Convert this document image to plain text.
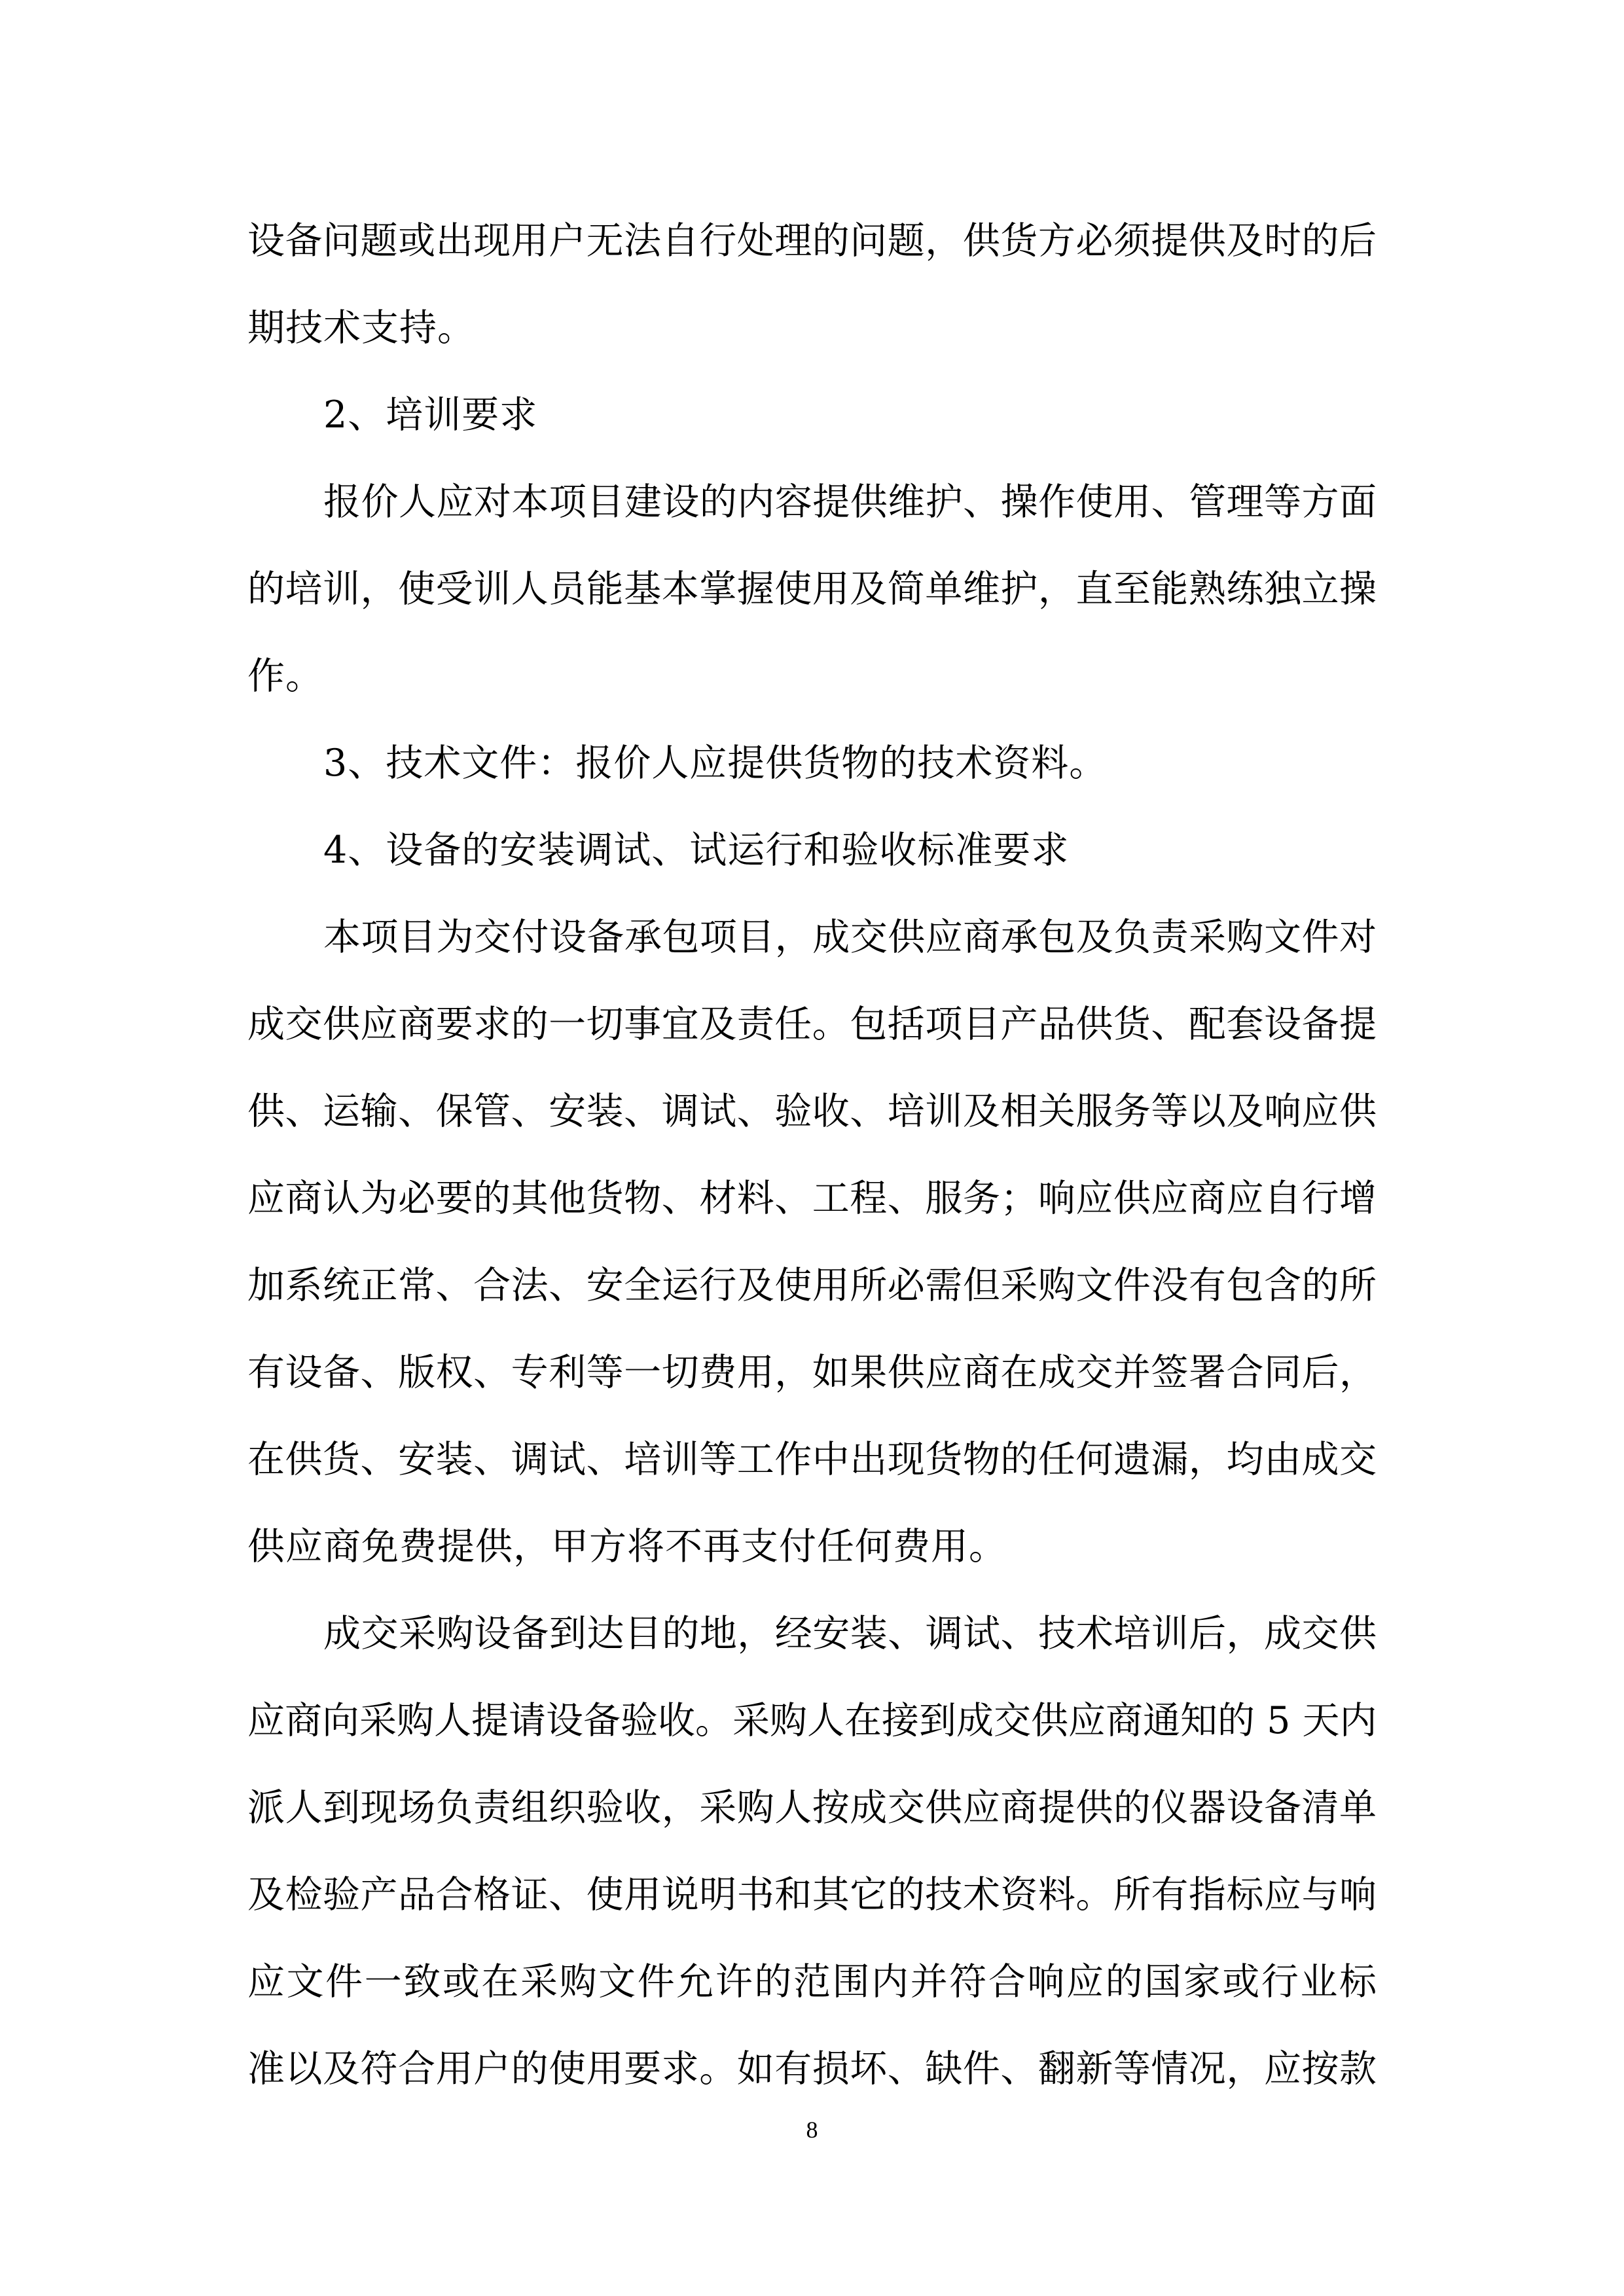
设备问题或出现用户无法自行处理的问题，供货方必须提供及时的后
期技术支持。
2、培训要求
报价人应对本项目建设的内容提供维护、操作使用、管理等方面
的培训，使受训人员能基本掌握使用及简单维护，直至能熟练独立操
作。
3、技术文件：报价人应提供货物的技术资料。
4、设备的安装调试、试运行和验收标准要求
本项目为交付设备承包项目，成交供应商承包及负责采购文件对
成交供应商要求的一切事宜及责任。包括项目产品供货、配套设备提
供、运输、保管、安装、调试、验收、培训及相关服务等以及响应供
应商认为必要的其他货物、材料、工程、服务；响应供应商应自行增
加系统正常、合法、安全运行及使用所必需但采购文件没有包含的所
有设备、版权、专利等一切费用，如果供应商在成交并签署合同后，
在供货、安装、调试、培训等工作中出现货物的任何遗漏，均由成交
供应商免费提供，甲方将不再支付任何费用。
成交采购设备到达目的地，经安装、调试、技术培训后，成交供
应商向采购人提请设备验收。采购人在接到成交供应商通知的 5 天内
派人到现场负责组织验收，采购人按成交供应商提供的仪器设备清单
及检验产品合格证、使用说明书和其它的技术资料。所有指标应与响
应文件一致或在采购文件允许的范围内并符合响应的国家或行业标
准以及符合用户的使用要求。如有损坏、缺件、翻新等情况，应按款
8
